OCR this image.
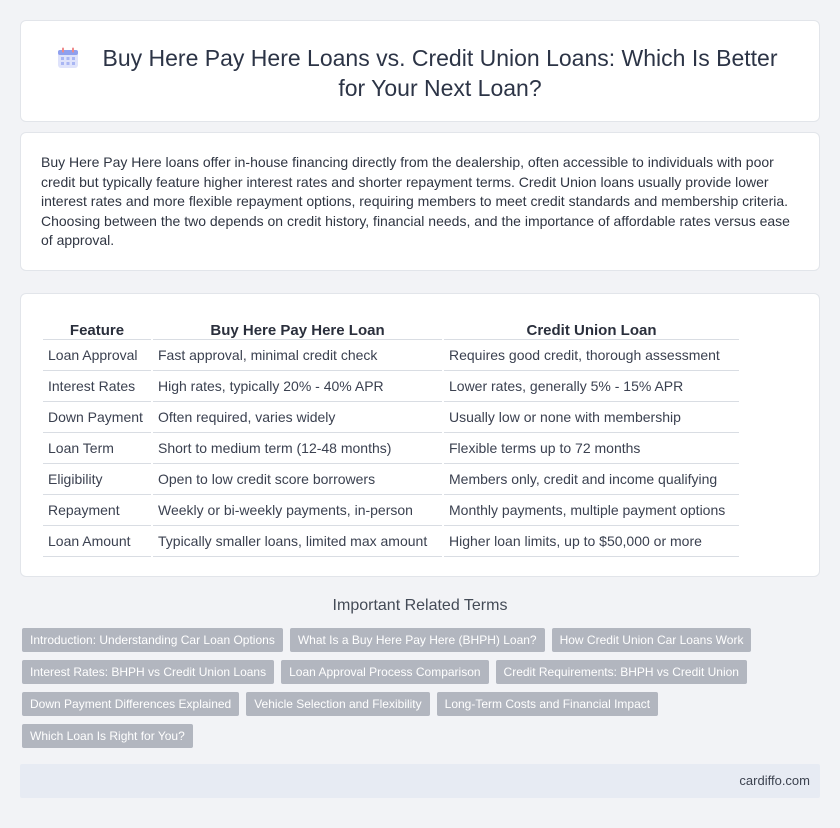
Buy Here Pay Here Loans vs. Credit Union Loans: Which Is Better for Your Next Loan?

Buy Here Pay Here loans offer in-house financing directly from the dealership, often accessible to individuals with poor credit but typically feature higher interest rates and shorter repayment terms. Credit Union loans usually provide lower interest rates and more flexible repayment options, requiring members to meet credit standards and membership criteria. Choosing between the two depends on credit history, financial needs, and the importance of affordable rates versus ease of approval.

Feature	Buy Here Pay Here Loan	Credit Union Loan
Loan Approval	Fast approval, minimal credit check	Requires good credit, thorough assessment
Interest Rates	High rates, typically 20% - 40% APR	Lower rates, generally 5% - 15% APR
Down Payment	Often required, varies widely	Usually low or none with membership
Loan Term	Short to medium term (12-48 months)	Flexible terms up to 72 months
Eligibility	Open to low credit score borrowers	Members only, credit and income qualifying
Repayment	Weekly or bi-weekly payments, in-person	Monthly payments, multiple payment options
Loan Amount	Typically smaller loans, limited max amount	Higher loan limits, up to $50,000 or more
Important Related Terms
Introduction: Understanding Car Loan Options	What Is a Buy Here Pay Here (BHPH) Loan?	How Credit Union Car Loans Work
Interest Rates: BHPH vs Credit Union Loans	Loan Approval Process Comparison	Credit Requirements: BHPH vs Credit Union
Down Payment Differences Explained	Vehicle Selection and Flexibility	Long-Term Costs and Financial Impact
Which Loan Is Right for You?
cardiffo.com
